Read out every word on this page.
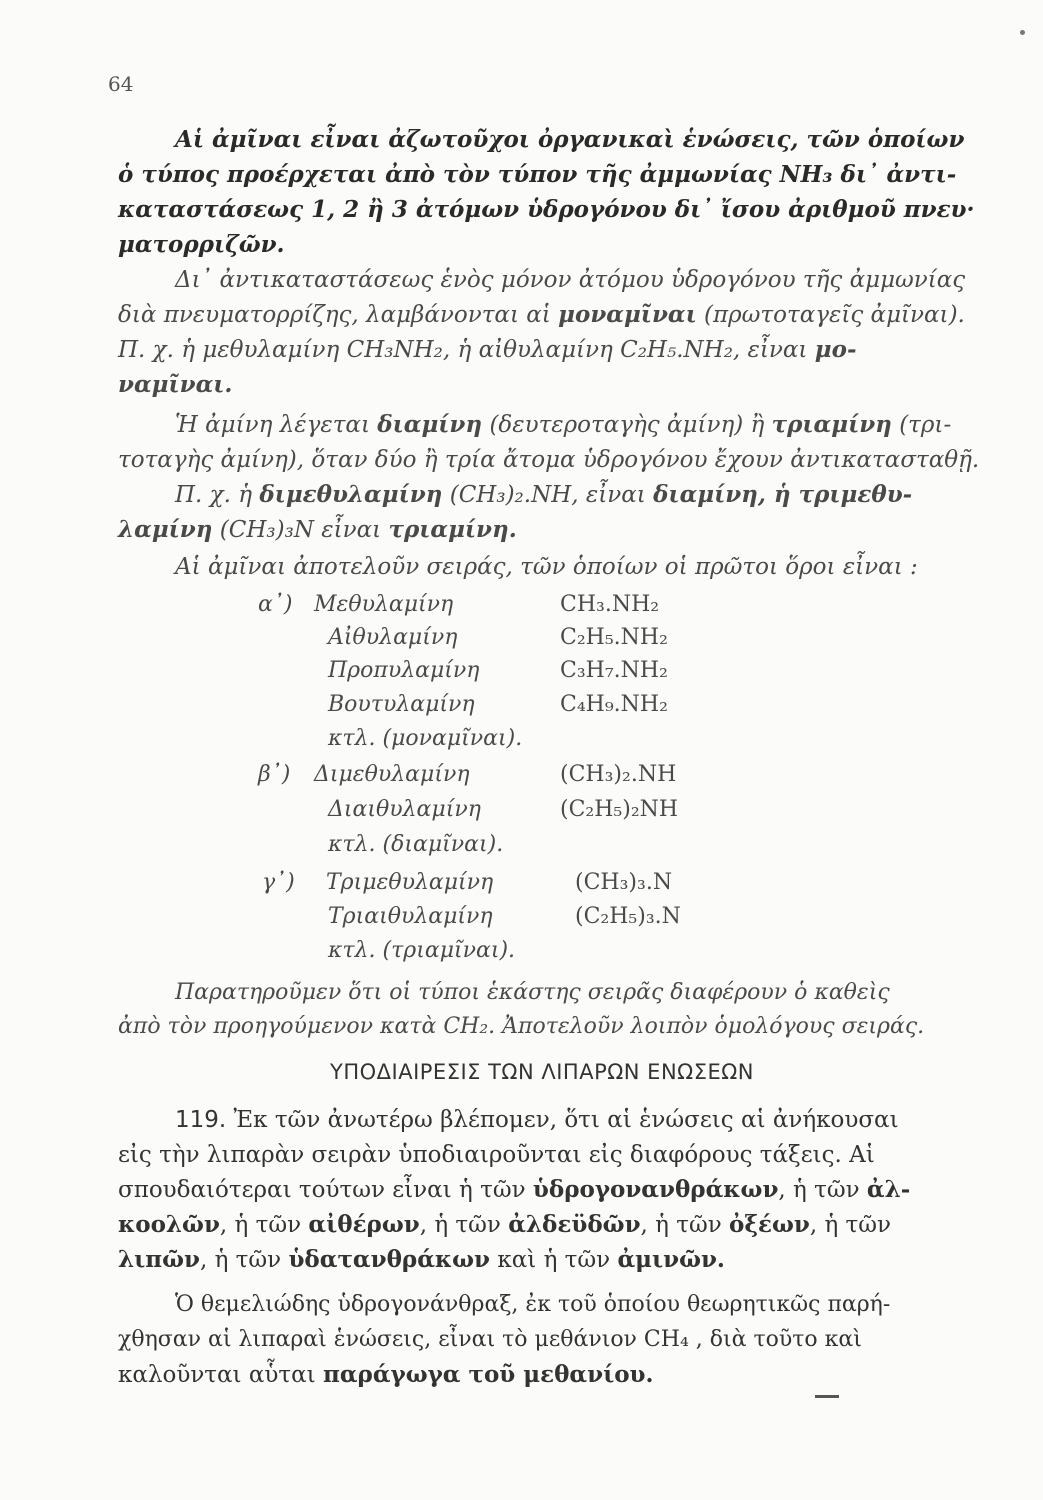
64
Αἱ ἀμῖναι εἶναι ἀζωτοῦχοι ὀργανικαὶ ἑνώσεις, τῶν ὁποίων
ὁ τύπος προέρχεται ἀπὸ τὸν τύπον τῆς ἀμμωνίας ΝΗ₃ δι᾽ ἀντι-
καταστάσεως 1, 2 ἢ 3 ἀτόμων ὑδρογόνου δι᾽ ἴσου ἀριθμοῦ πνευ·
ματορριζῶν.
Δι᾽ ἀντικαταστάσεως ἑνὸς μόνον ἀτόμου ὑδρογόνου τῆς ἀμμωνίας
διὰ πνευματορρίζης, λαμβάνονται αἱ μοναμῖναι (πρωτοταγεῖς ἀμῖναι).
Π. χ. ἡ μεθυλαμίνη CH₃NH₂, ἡ αἰθυλαμίνη C₂H₅.NH₂, εἶναι μο-
ναμῖναι.
Ἡ ἀμίνη λέγεται διαμίνη (δευτεροταγὴς ἀμίνη) ἢ τριαμίνη (τρι-
τοταγὴς ἀμίνη), ὅταν δύο ἢ τρία ἄτομα ὑδρογόνου ἔχουν ἀντικατασταθῇ.
Π. χ. ἡ διμεθυλαμίνη (CH₃)₂.NH, εἶναι διαμίνη, ἡ τριμεθυ-
λαμίνη (CH₃)₃N εἶναι τριαμίνη.
Αἱ ἀμῖναι ἀποτελοῦν σειράς, τῶν ὁποίων οἱ πρῶτοι ὅροι εἶναι :
α᾽) Μεθυλαμίνη	CH₃.NH₂
Αἰθυλαμίνη	C₂H₅.NH₂
Προπυλαμίνη	C₃H₇.NH₂
Βουτυλαμίνη	C₄H₉.NH₂
κτλ. (μοναμῖναι).
β᾽) Διμεθυλαμίνη	(CH₃)₂.NH
Διαιθυλαμίνη	(C₂H₅)₂NH
κτλ. (διαμῖναι).
γ᾽) Τριμεθυλαμίνη	(CH₃)₃.N
Τριαιθυλαμίνη	(C₂H₅)₃.N
κτλ. (τριαμῖναι).
Παρατηροῦμεν ὅτι οἱ τύποι ἑκάστης σειρᾶς διαφέρουν ὁ καθεὶς
ἀπὸ τὸν προηγούμενον κατὰ CH₂. Ἀποτελοῦν λοιπὸν ὁμολόγους σειράς.
ΥΠΟΔΙΑΙΡΕΣΙΣ ΤΩΝ ΛΙΠΑΡΩΝ ΕΝΩΣΕΩΝ
119. Ἐκ τῶν ἀνωτέρω βλέπομεν, ὅτι αἱ ἑνώσεις αἱ ἀνήκουσαι
εἰς τὴν λιπαρὰν σειρὰν ὑποδιαιροῦνται εἰς διαφόρους τάξεις. Αἱ
σπουδαιότεραι τούτων εἶναι ἡ τῶν ὑδρογονανθράκων, ἡ τῶν ἀλ-
κοολῶν, ἡ τῶν αἰθέρων, ἡ τῶν ἀλδεϋδῶν, ἡ τῶν ὀξέων, ἡ τῶν
λιπῶν, ἡ τῶν ὑδατανθράκων καὶ ἡ τῶν ἀμινῶν.
Ὁ θεμελιώδης ὑδρογονάνθραξ, ἐκ τοῦ ὁποίου θεωρητικῶς παρή-
χθησαν αἱ λιπαραὶ ἑνώσεις, εἶναι τὸ μεθάνιον CH₄ , διὰ τοῦτο καὶ
καλοῦνται αὗται παράγωγα τοῦ μεθανίου.
